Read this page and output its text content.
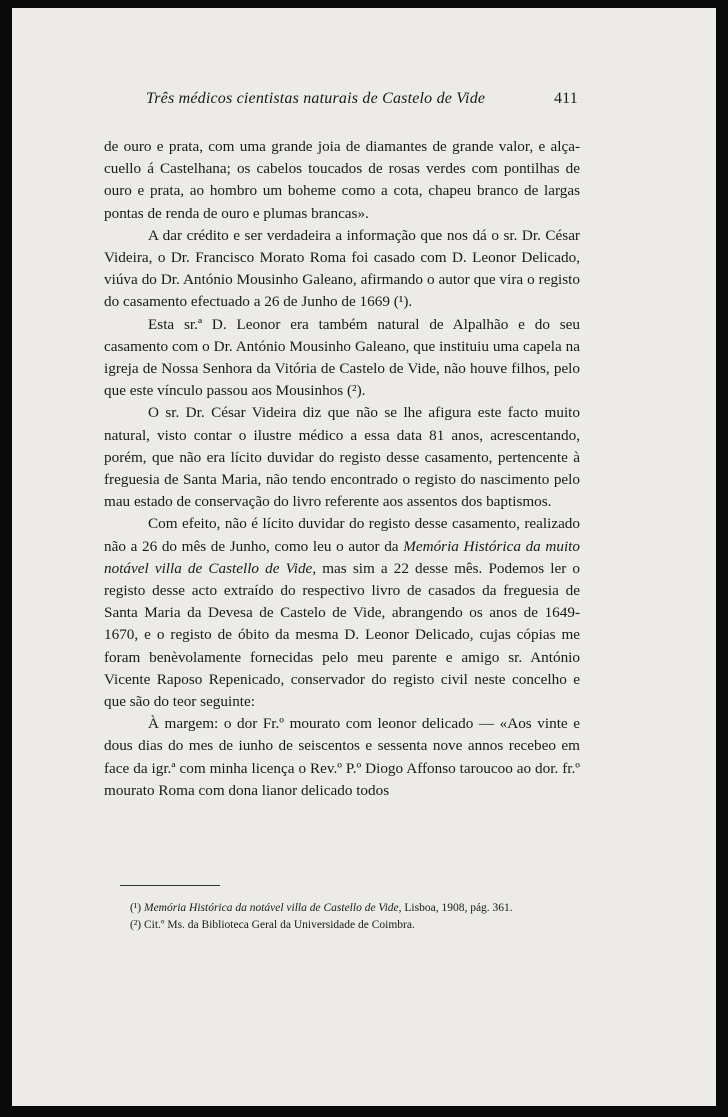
Três médicos cientistas naturais de Castelo de Vide	411

de ouro e prata, com uma grande joia de diamantes de grande valor, e alça-cuello á Castelhana; os cabelos toucados de rosas verdes com pontilhas de ouro e prata, ao hombro um boheme como a cota, chapeu branco de largas pontas de renda de ouro e plumas brancas».

A dar crédito e ser verdadeira a informação que nos dá o sr. Dr. César Videira, o Dr. Francisco Morato Roma foi casado com D. Leonor Delicado, viúva do Dr. António Mousinho Galeano, afirmando o autor que vira o registo do casamento efectuado a 26 de Junho de 1669 (¹).

Esta sr.ª D. Leonor era também natural de Alpalhão e do seu casamento com o Dr. António Mousinho Galeano, que instituiu uma capela na igreja de Nossa Senhora da Vitória de Castelo de Vide, não houve filhos, pelo que este vínculo passou aos Mousinhos (²).

O sr. Dr. César Videira diz que não se lhe afigura este facto muito natural, visto contar o ilustre médico a essa data 81 anos, acrescentando, porém, que não era lícito duvidar do registo desse casamento, pertencente à freguesia de Santa Maria, não tendo encontrado o registo do nascimento pelo mau estado de conservação do livro referente aos assentos dos baptismos.

Com efeito, não é lícito duvidar do registo desse casamento, realizado não a 26 do mês de Junho, como leu o autor da Memória Histórica da muito notável villa de Castello de Vide, mas sim a 22 desse mês. Podemos ler o registo desse acto extraído do respectivo livro de casados da freguesia de Santa Maria da Devesa de Castelo de Vide, abrangendo os anos de 1649-1670, e o registo de óbito da mesma D. Leonor Delicado, cujas cópias me foram benèvolamente fornecidas pelo meu parente e amigo sr. António Vicente Raposo Repenicado, conservador do registo civil neste concelho e que são do teor seguinte:

À margem: o dor Fr.º mourato com leonor delicado — «Aos vinte e dous dias do mes de iunho de seiscentos e sessenta nove annos recebeo em face da igr.ª com minha licença o Rev.º P.º Diogo Affonso taroucoo ao dor. fr.º mourato Roma com dona lianor delicado todos

(¹) Memória Histórica da notável villa de Castello de Vide, Lisboa, 1908, pág. 361.

(²) Cit.º Ms. da Biblioteca Geral da Universidade de Coimbra.
